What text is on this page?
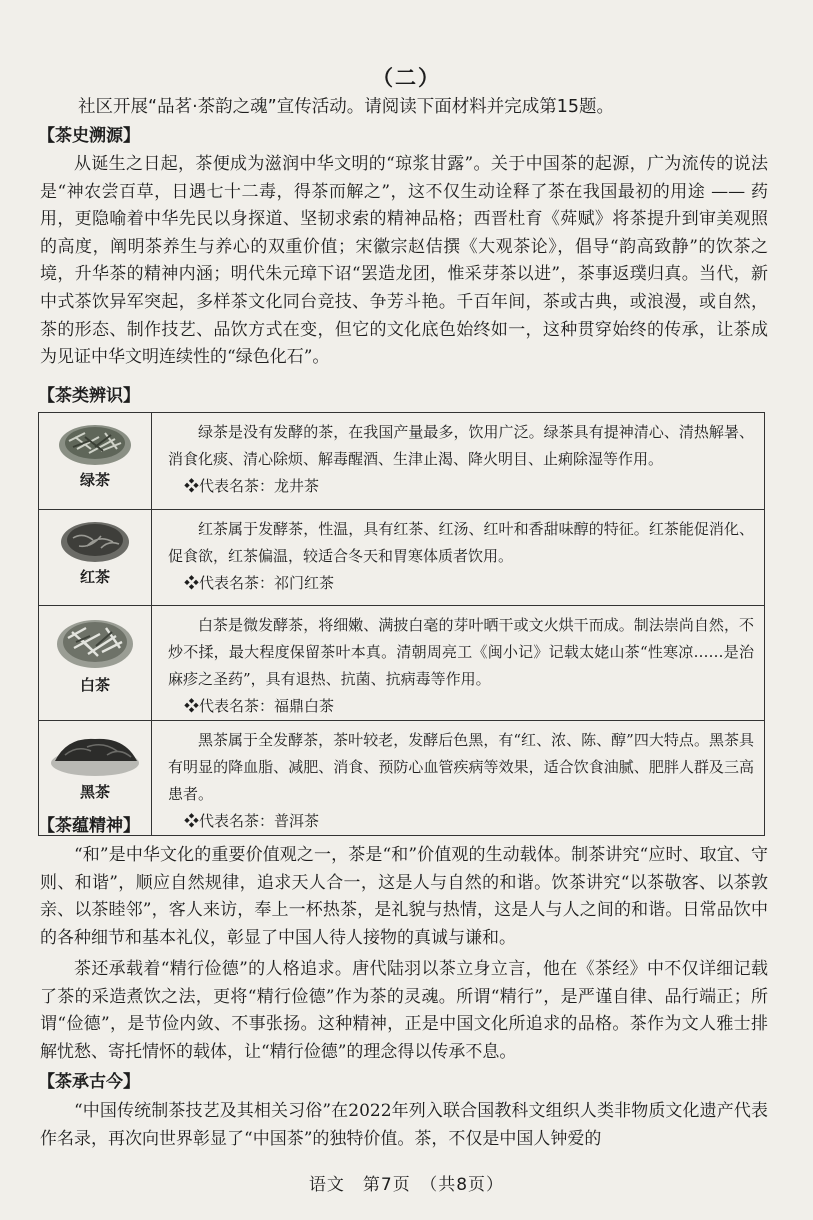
（二）
社区开展“品茗·茶韵之魂”宣传活动。请阅读下面材料并完成第15题。
【茶史溯源】

从诞生之日起，茶便成为滋润中华文明的“琼浆甘露”。关于中国茶的起源，广为流传的说法是“神农尝百草，日遇七十二毒，得茶而解之”，这不仅生动诠释了茶在我国最初的用途 —— 药用，更隐喻着中华先民以身探道、坚韧求索的精神品格；西晋杜育《荈赋》将茶提升到审美观照的高度，阐明茶养生与养心的双重价值；宋徽宗赵佶撰《大观茶论》，倡导“韵高致静”的饮茶之境，升华茶的精神内涵；明代朱元璋下诏“罢造龙团，惟采芽茶以进”，茶事返璞归真。当代，新中式茶饮异军突起，多样茶文化同台竞技、争芳斗艳。千百年间，茶或古典，或浪漫，或自然，茶的形态、制作技艺、品饮方式在变，但它的文化底色始终如一，这种贯穿始终的传承，让茶成为见证中华文明连续性的“绿色化石”。

【茶类辨识】
绿茶	绿茶是没有发酵的茶，在我国产量最多，饮用广泛。绿茶具有提神清心、清热解暑、消食化痰、清心除烦、解毒醒酒、生津止渴、降火明目、止痢除湿等作用。

❖代表名茶：龙井茶

红茶	红茶属于发酵茶，性温，具有红茶、红汤、红叶和香甜味醇的特征。红茶能促消化、促食欲，红茶偏温，较适合冬天和胃寒体质者饮用。

❖代表名茶：祁门红茶

白茶	白茶是微发酵茶，将细嫩、满披白毫的芽叶晒干或文火烘干而成。制法崇尚自然，不炒不揉，最大程度保留茶叶本真。清朝周亮工《闽小记》记载太姥山茶“性寒凉……是治麻疹之圣药”，具有退热、抗菌、抗病毒等作用。

❖代表名茶：福鼎白茶

黑茶	黑茶属于全发酵茶，茶叶较老，发酵后色黑，有“红、浓、陈、醇”四大特点。黑茶具有明显的降血脂、减肥、消食、预防心血管疾病等效果，适合饮食油腻、肥胖人群及三高患者。

❖代表名茶：普洱茶

【茶蕴精神】

“和”是中华文化的重要价值观之一，茶是“和”价值观的生动载体。制茶讲究“应时、取宜、守则、和谐”，顺应自然规律，追求天人合一，这是人与自然的和谐。饮茶讲究“以茶敬客、以茶敦亲、以茶睦邻”，客人来访，奉上一杯热茶，是礼貌与热情，这是人与人之间的和谐。日常品饮中的各种细节和基本礼仪，彰显了中国人待人接物的真诚与谦和。

茶还承载着“精行俭德”的人格追求。唐代陆羽以茶立身立言，他在《茶经》中不仅详细记载了茶的采造煮饮之法，更将“精行俭德”作为茶的灵魂。所谓“精行”，是严谨自律、品行端正；所谓“俭德”，是节俭内敛、不事张扬。这种精神，正是中国文化所追求的品格。茶作为文人雅士排解忧愁、寄托情怀的载体，让“精行俭德”的理念得以传承不息。

【茶承古今】

“中国传统制茶技艺及其相关习俗”在2022年列入联合国教科文组织人类非物质文化遗产代表作名录，再次向世界彰显了“中国茶”的独特价值。茶，不仅是中国人钟爱的

语文　第7页　（共8页）
